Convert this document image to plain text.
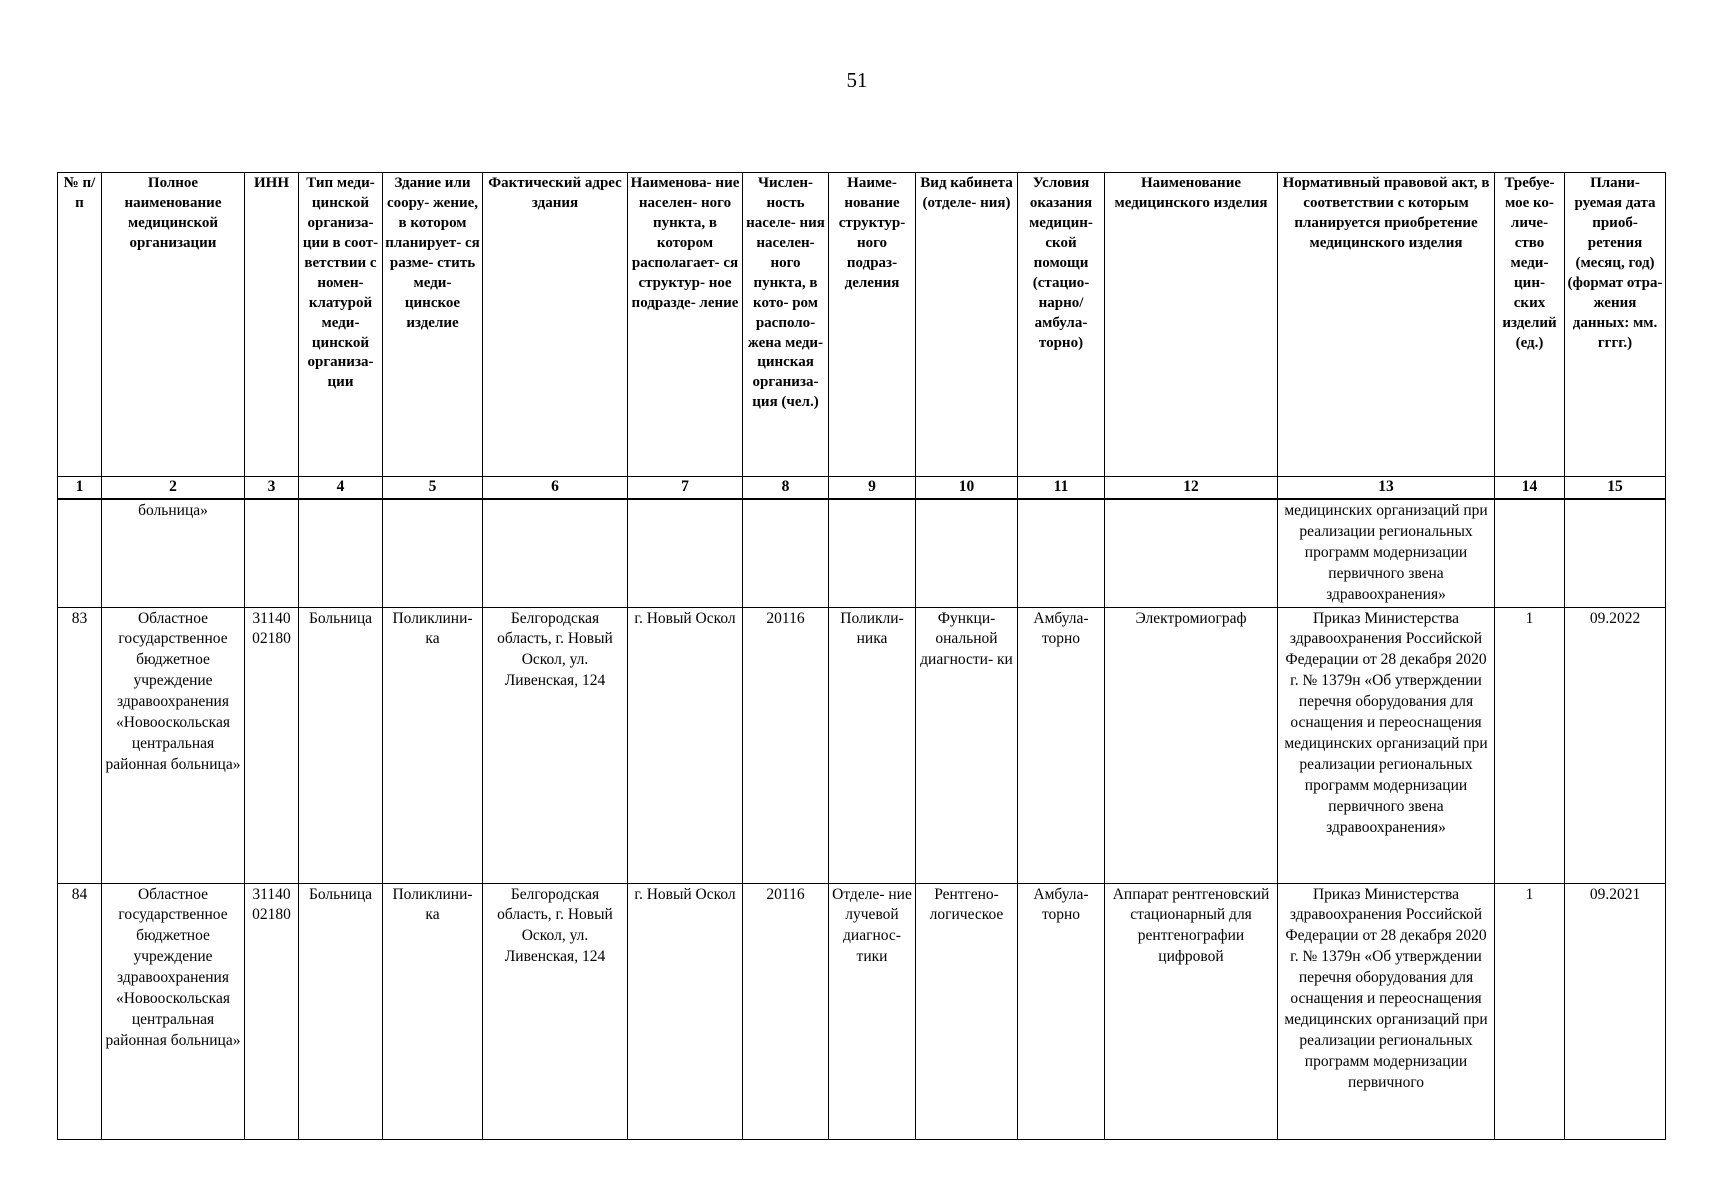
51
№ п/п	Полное наименование медицинской организации	ИНН	Тип меди- цинской организа- ции в соот- ветствии с номен- клатурой меди- цинской организа- ции	Здание или соору- жение, в котором планирует- ся разме- стить меди- цинское изделие	Фактический адрес здания	Наименова- ние населен- ного пункта, в котором располагает- ся структур- ное подразде- ление	Числен- ность населе- ния населен- ного пункта, в кото- ром располо- жена меди- цинская организа- ция (чел.)	Наиме- нование структур- ного подраз- деления	Вид кабинета (отделе- ния)	Условия оказания медицин- ской помощи (стацио- нарно/ амбула- торно)	Наименование медицинского изделия	Нормативный правовой акт, в соответствии с которым планируется приобретение медицинского изделия	Требуе- мое ко- личе- ство меди- цин- ских изделий (ед.)	Плани- руемая дата приоб- ретения (месяц, год) (формат отра- жения данных: мм. гггг.)
1	2	3	4	5	6	7	8	9	10	11	12	13	14	15
	больница»											медицинских организаций при реализации региональных программ модернизации первичного звена здравоохранения»		
83	Областное государственное бюджетное учреждение здравоохранения «Новооскольская центральная районная больница»	31140 02180	Больница	Поликлини- ка	Белгородская область, г. Новый Оскол, ул. Ливенская, 124	г. Новый Оскол	20116	Поликли- ника	Функци- ональной диагности- ки	Амбула- торно	Электромиограф	Приказ Министерства здравоохранения Российской Федерации от 28 декабря 2020 г. № 1379н «Об утверждении перечня оборудования для оснащения и переоснащения медицинских организаций при реализации региональных программ модернизации первичного звена здравоохранения»	1	09.2022
84	Областное государственное бюджетное учреждение здравоохранения «Новооскольская центральная районная больница»	31140 02180	Больница	Поликлини- ка	Белгородская область, г. Новый Оскол, ул. Ливенская, 124	г. Новый Оскол	20116	Отделе- ние лучевой диагнос- тики	Рентгено- логическое	Амбула- торно	Аппарат рентгеновский стационарный для рентгенографии цифровой	Приказ Министерства здравоохранения Российской Федерации от 28 декабря 2020 г. № 1379н «Об утверждении перечня оборудования для оснащения и переоснащения медицинских организаций при реализации региональных программ модернизации первичного	1	09.2021
